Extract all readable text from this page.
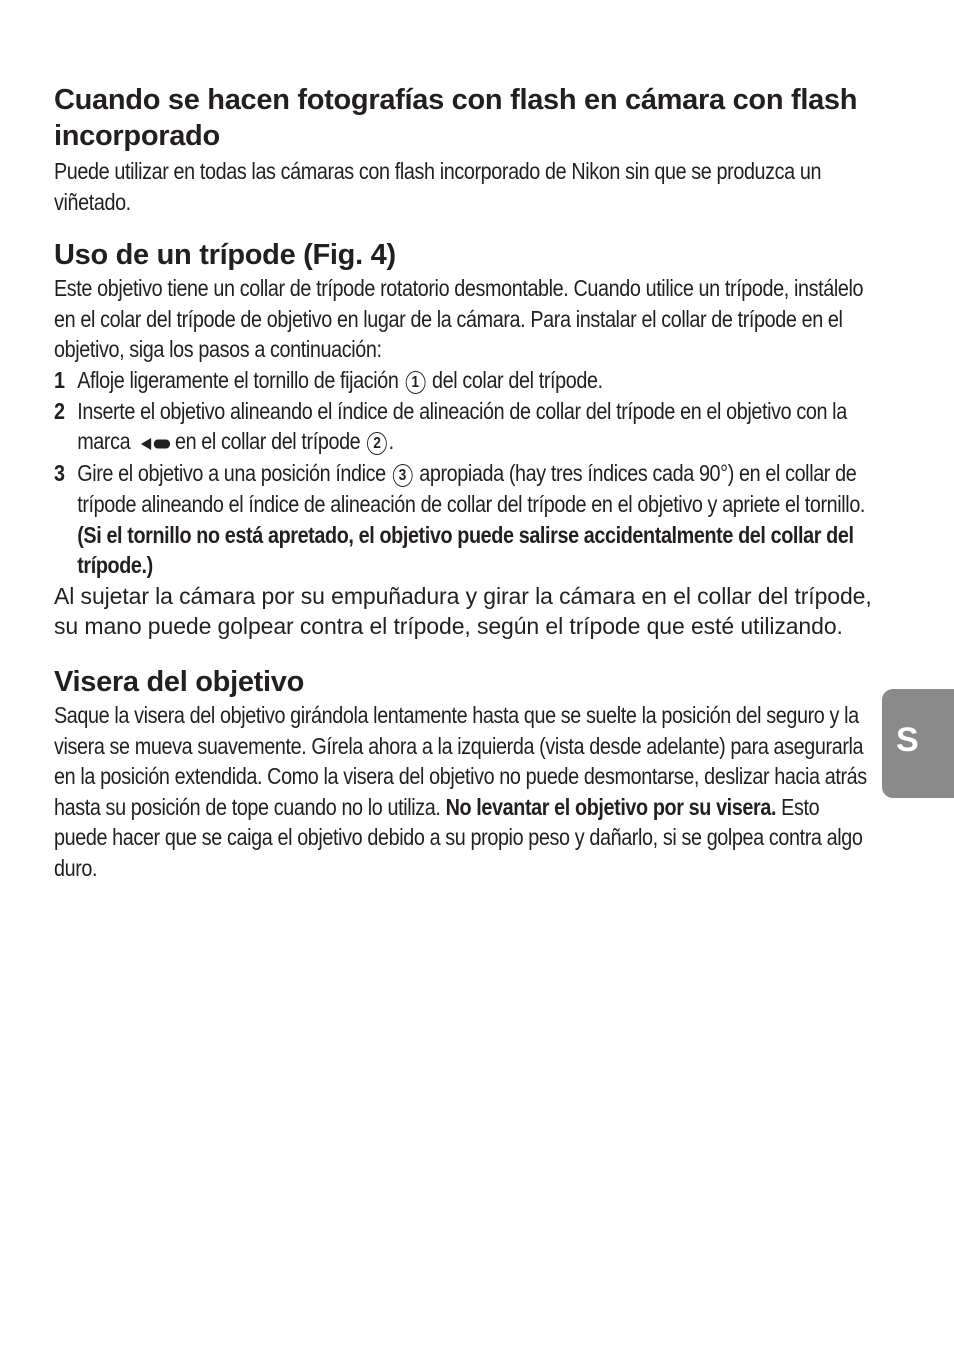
Cuando se hacen fotografías con flash en cámara con flash incorporado

Puede utilizar en todas las cámaras con flash incorporado de Nikon sin que se produzca un viñetado.

Uso de un trípode (Fig. 4)

Este objetivo tiene un collar de trípode rotatorio desmontable. Cuando utilice un trípode, instálelo en el colar del trípode de objetivo en lugar de la cámara. Para instalar el collar de trípode en el objetivo, siga los pasos a continuación:

1 Afloje ligeramente el tornillo de fijación 1 del colar del trípode.
2 Inserte el objetivo alineando el índice de alineación de collar del trípode en el objetivo con la marca en el collar del trípode 2 .
3 Gire el objetivo a una posición índice 3 apropiada (hay tres índices cada 90°) en el collar de trípode alineando el índice de alineación de collar del trípode en el objetivo y apriete el tornillo. (Si el tornillo no está apretado, el objetivo puede salirse accidentalmente del collar del trípode.)

Al sujetar la cámara por su empuñadura y girar la cámara en el collar del trípode, su mano puede golpear contra el trípode, según el trípode que esté utilizando.

Visera del objetivo

Saque la visera del objetivo girándola lentamente hasta que se suelte la posición del seguro y la visera se mueva suavemente. Gírela ahora a la izquierda (vista desde adelante) para asegurarla en la posición extendida. Como la visera del objetivo no puede desmontarse, deslizar hacia atrás hasta su posición de tope cuando no lo utiliza. No levantar el objetivo por su visera. Esto puede hacer que se caiga el objetivo debido a su propio peso y dañarlo, si se golpea contra algo duro.

S
